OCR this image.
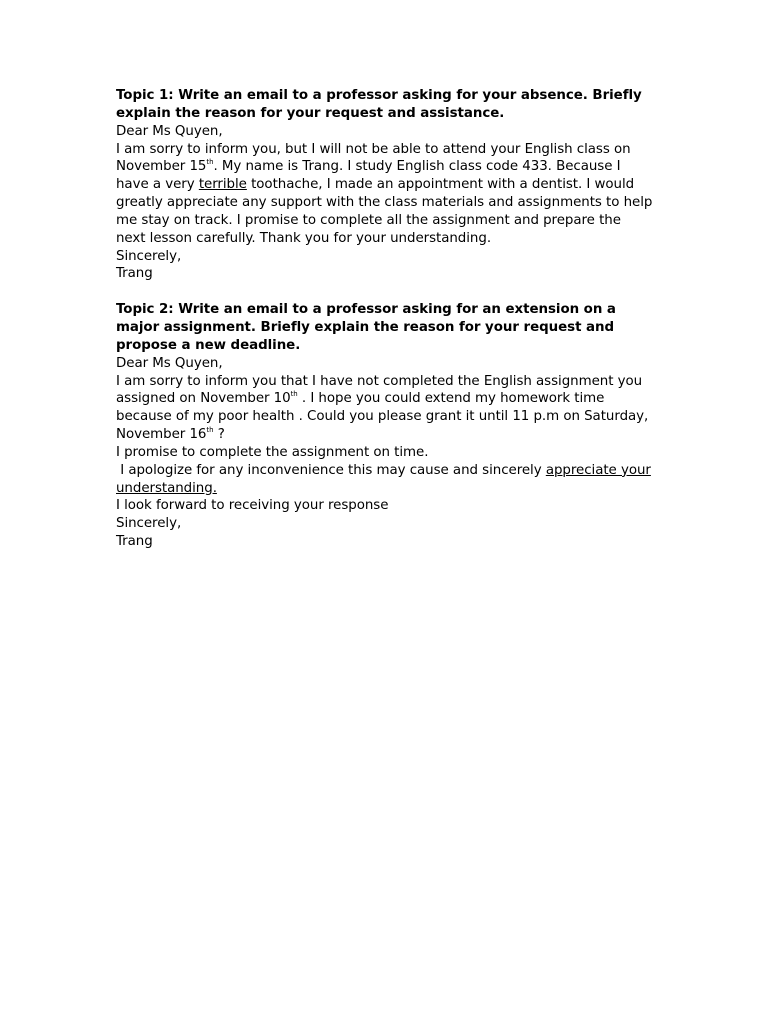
Topic 1: Write an email to a professor asking for your absence. Briefly explain the reason for your request and assistance.

Dear Ms Quyen,

I am sorry to inform you, but I will not be able to attend your English class on November 15th. My name is Trang. I study English class code 433. Because I have a very terrible toothache, I made an appointment with a dentist. I would greatly appreciate any support with the class materials and assignments to help me stay on track. I promise to complete all the assignment and prepare the next lesson carefully. Thank you for your understanding.

Sincerely,

Trang

Topic 2: Write an email to a professor asking for an extension on a major assignment. Briefly explain the reason for your request and propose a new deadline.

Dear Ms Quyen,

I am sorry to inform you that I have not completed the English assignment you assigned on November 10th . I hope you could extend my homework time because of my poor health . Could you please grant it until 11 p.m on Saturday, November 16th ?

I promise to complete the assignment on time.

I apologize for any inconvenience this may cause and sincerely appreciate your understanding.

I look forward to receiving your response

Sincerely,

Trang
